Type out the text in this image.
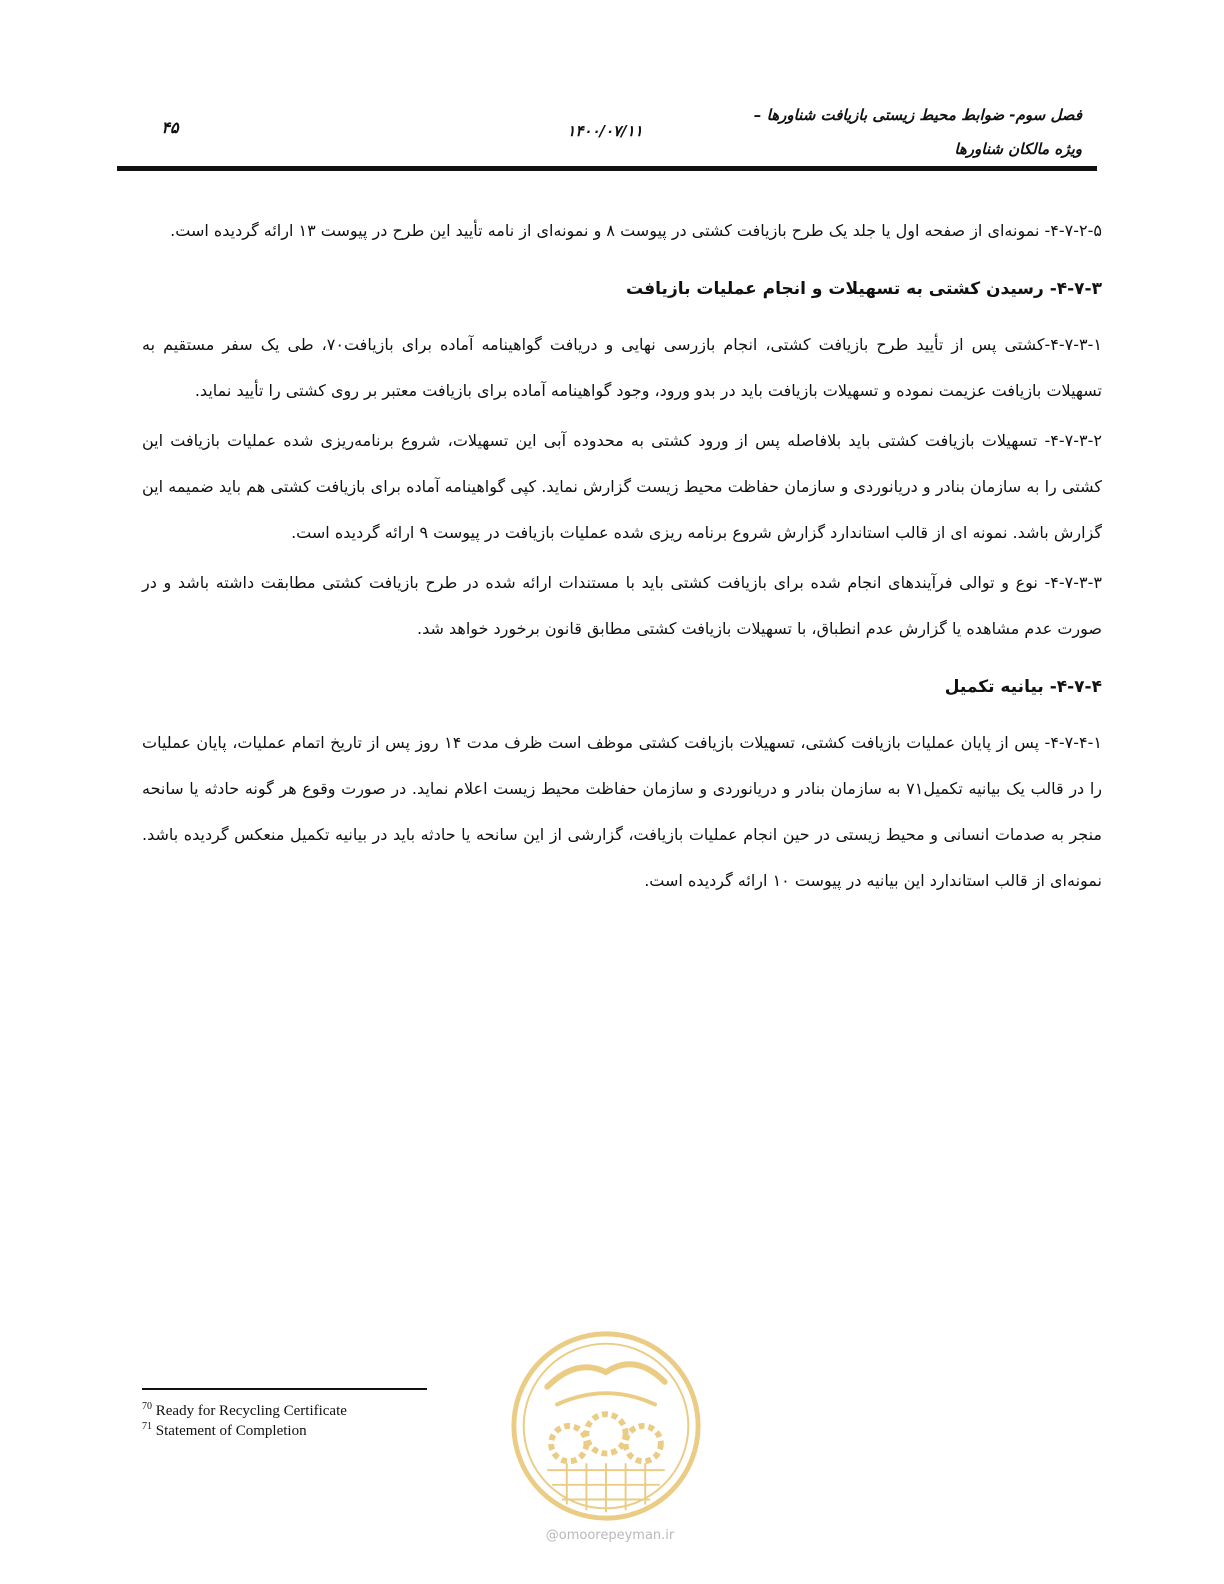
فصل سوم- ضوابط محیط زیستی بازیافت شناورها –
ویژه مالکان شناورها
۱۴۰۰/۰۷/۱۱
۴۵

۴-۷-۲-۵- نمونه‌ای از صفحه اول یا جلد یک طرح بازیافت کشتی در پیوست ۸ و نمونه‌ای از نامه تأیید این طرح در پیوست ۱۳ ارائه گردیده است.

۴-۷-۳- رسیدن کشتی به تسهیلات و انجام عملیات بازیافت

۴-۷-۳-۱-کشتی پس از تأیید طرح بازیافت کشتی، انجام بازرسی نهایی و دریافت گواهینامه آماده برای بازیافت۷۰، طی یک سفر مستقیم به تسهیلات بازیافت عزیمت نموده و تسهیلات بازیافت باید در بدو ورود، وجود گواهینامه آماده برای بازیافت معتبر بر روی کشتی را تأیید نماید.

۴-۷-۳-۲- تسهیلات بازیافت کشتی باید بلافاصله پس از ورود کشتی به محدوده آبی این تسهیلات، شروع برنامه‌ریزی شده عملیات بازیافت این کشتی را به سازمان بنادر و دریانوردی و سازمان حفاظت محیط زیست گزارش نماید. کپی گواهینامه آماده برای بازیافت کشتی هم باید ضمیمه این گزارش باشد. نمونه ای از قالب استاندارد گزارش شروع برنامه ریزی شده عملیات بازیافت در پیوست ۹ ارائه گردیده است.

۴-۷-۳-۳- نوع و توالی فرآیندهای انجام شده برای بازیافت کشتی باید با مستندات ارائه شده در طرح بازیافت کشتی مطابقت داشته باشد و در صورت عدم مشاهده یا گزارش عدم انطباق، با تسهیلات بازیافت کشتی مطابق قانون برخورد خواهد شد.

۴-۷-۴- بیانیه تکمیل

۴-۷-۴-۱- پس از پایان عملیات بازیافت کشتی، تسهیلات بازیافت کشتی موظف است ظرف مدت ۱۴ روز پس از تاریخ اتمام عملیات، پایان عملیات را در قالب یک بیانیه تکمیل۷۱ به سازمان بنادر و دریانوردی و سازمان حفاظت محیط زیست اعلام نماید. در صورت وقوع هر گونه حادثه یا سانحه منجر به صدمات انسانی و محیط زیستی در حین انجام عملیات بازیافت، گزارشی از این سانحه یا حادثه باید در بیانیه تکمیل منعکس گردیده باشد. نمونه‌ای از قالب استاندارد این بیانیه در پیوست ۱۰ ارائه گردیده است.

$^{70}$ Ready for Recycling Certificate
$^{71}$ Statement of Completion
@omoorepeyman.ir
